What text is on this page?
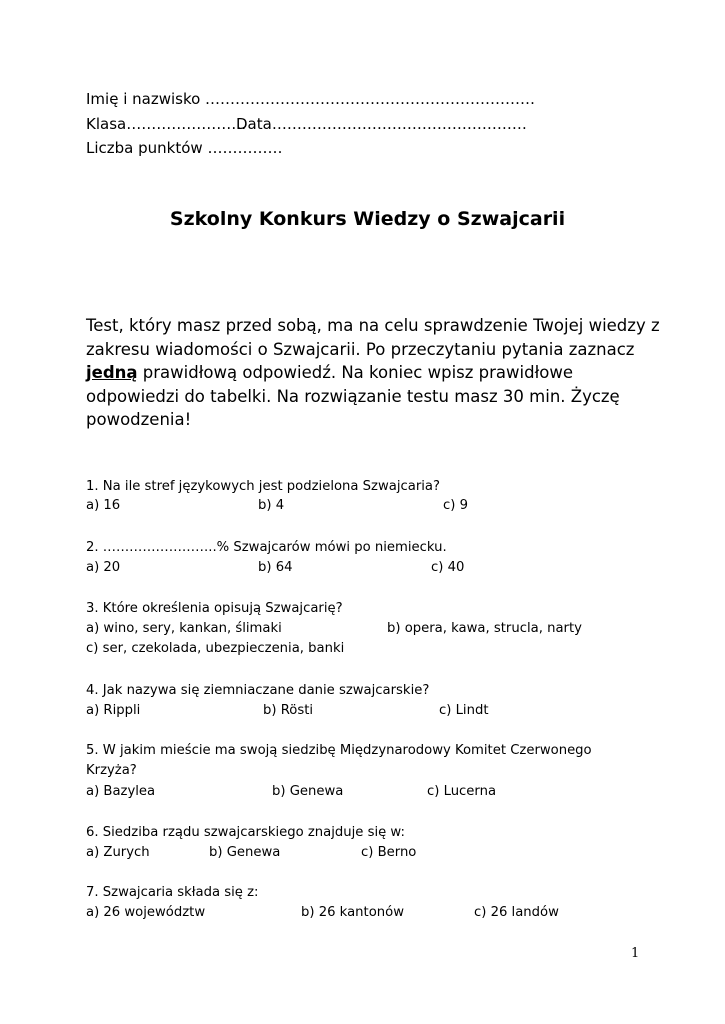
Imię i nazwisko …………………………………………………………
Klasa……………………
Data……………………………………………
Liczba punktów ……………
Szkolny Konkurs Wiedzy o Szwajcarii
Test, który masz przed sobą, ma na celu sprawdzenie Twojej wiedzy z zakresu wiadomości o Szwajcarii. Po przeczytaniu pytania zaznacz jedną prawidłową odpowiedź. Na koniec wpisz prawidłowe odpowiedzi do tabelki. Na rozwiązanie testu masz 30 min. Życzę powodzenia!
1. Na ile stref językowych jest podzielona Szwajcaria?
a) 16	b) 4	c) 9
2. ……………………..% Szwajcarów mówi po niemiecku.
a) 20	b) 64	c) 40
3. Które określenia opisują Szwajcarię?
a) wino, sery, kankan, ślimaki	b) opera, kawa, strucla, narty
c) ser, czekolada, ubezpieczenia, banki
4. Jak nazywa się ziemniaczane danie szwajcarskie?
a) Rippli	b) Rösti	c) Lindt
5. W jakim mieście ma swoją siedzibę Międzynarodowy Komitet Czerwonego
Krzyża?
a) Bazylea	b) Genewa	c) Lucerna
6. Siedziba rządu szwajcarskiego znajduje się w:
a) Zurych	b) Genewa	c) Berno
7. Szwajcaria składa się z:
a) 26 województw	b) 26 kantonów	c) 26 landów
1
